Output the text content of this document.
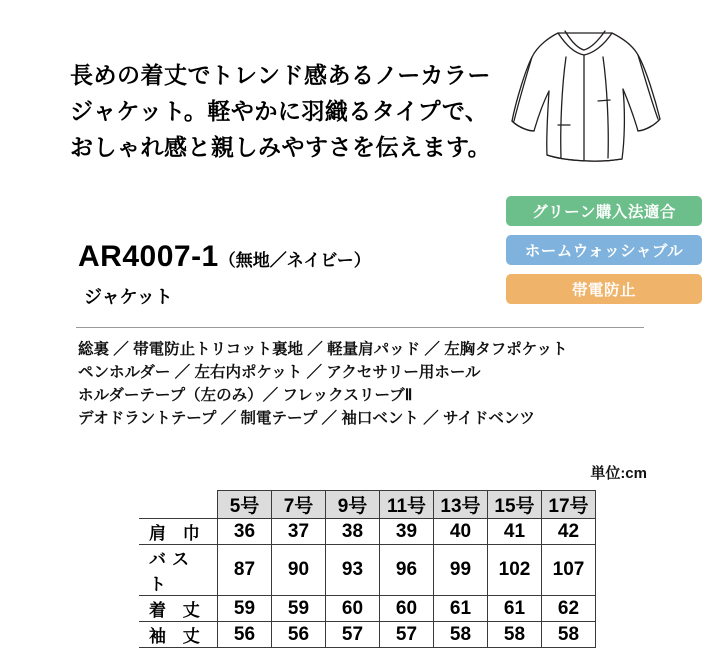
長めの着丈でトレンド感あるノーカラー
ジャケット。軽やかに羽織るタイプで、
おしゃれ感と親しみやすさを伝えます。
グリーン購入法適合
ホームウォッシャブル
帯電防止
AR4007-1（無地／ネイビー）
ジャケット
総裏 ／ 帯電防止トリコット裏地 ／ 軽量肩パッド ／ 左胸タフポケット
ペンホルダー ／ 左右内ポケット ／ アクセサリー用ホール
ホルダーテープ（左のみ）／ フレックスリーブⅡ
デオドラントテープ ／ 制電テープ ／ 袖口ベント ／ サイドベンツ
単位:cm
	5号	7号	9号	11号	13号	15号	17号
肩 巾	36	37	38	39	40	41	42
バスト	87	90	93	96	99	102	107
着 丈	59	59	60	60	61	61	62
袖 丈	56	56	57	57	58	58	58
